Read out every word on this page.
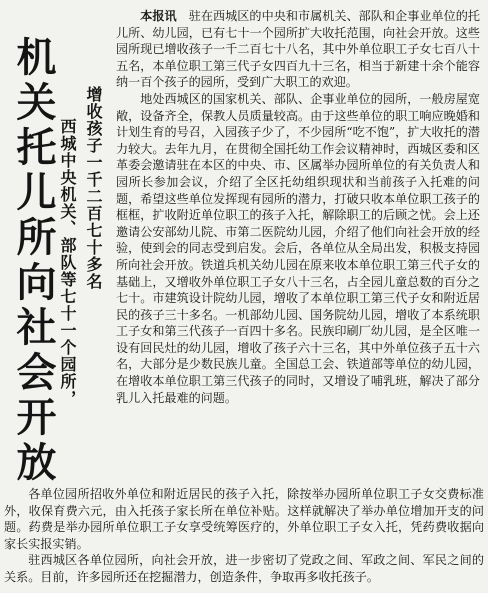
机关托儿所向社会开放 增收孩子一千二百七十多名
西城中央机关、部队等七十一个园所，

本报讯　 驻在西城区的中央和市属机关、部队和企事业单位的托儿所、幼儿园，已有七十一个园所扩大收托范围，向社会开放。这些园所现已增收孩子一千二百七十八名，其中外单位职工子女七百八十五名，本单位职工第三代子女四百九十三名，相当于新建十余个能容纳一百个孩子的园所，受到广大职工的欢迎。

地处西城区的国家机关、部队、企事业单位的园所，一般房屋宽敞，设备齐全，保教人员质量较高。由于这些单位的职工响应晚婚和计划生育的号召，入园孩子少了，不少园所“吃不饱”，扩大收托的潜力较大。去年九月，在贯彻全国托幼工作会议精神时，西城区委和区革委会邀请驻在本区的中央、市、区属举办园所单位的有关负责人和园所长参加会议，介绍了全区托幼组织现状和当前孩子入托难的问题，希望这些单位发挥现有园所的潜力，打破只收本单位职工孩子的框框，扩收附近单位职工的孩子入托，解除职工的后顾之忧。会上还邀请公安部幼儿院、市第二医院幼儿园，介绍了他们向社会开放的经验，使到会的同志受到启发。会后，各单位从全局出发，积极支持园所向社会开放。铁道兵机关幼儿园在原来收本单位职工第三代子女的基础上，又增收外单位职工子女八十三名，占全园儿童总数的百分之七十。市建筑设计院幼儿园，增收了本单位职工第三代子女和附近居民的孩子三十多名。一机部幼儿园、国务院幼儿园，增收了本系统职工子女和第三代孩子一百四十多名。民族印刷厂幼儿园，是全区唯一设有回民灶的幼儿园，增收了孩子六十三名，其中外单位孩子五十六名，大部分是少数民族儿童。全国总工会、铁道部等单位的幼儿园，在增收本单位职工第三代孩子的同时，又增设了哺乳班，解决了部分乳儿入托最难的问题。

各单位园所招收外单位和附近居民的孩子入托，除按举办园所单位职工子女交费标准外，收保育费六元，由入托孩子家长所在单位补贴。这样就解决了举办单位增加开支的问题。药费是举办园所单位职工子女享受统筹医疗的，外单位职工子女入托，凭药费收据向家长实报实销。

驻西城区各单位园所，向社会开放，进一步密切了党政之间、军政之间、军民之间的关系。目前，许多园所还在挖掘潜力，创造条件，争取再多收托孩子。
